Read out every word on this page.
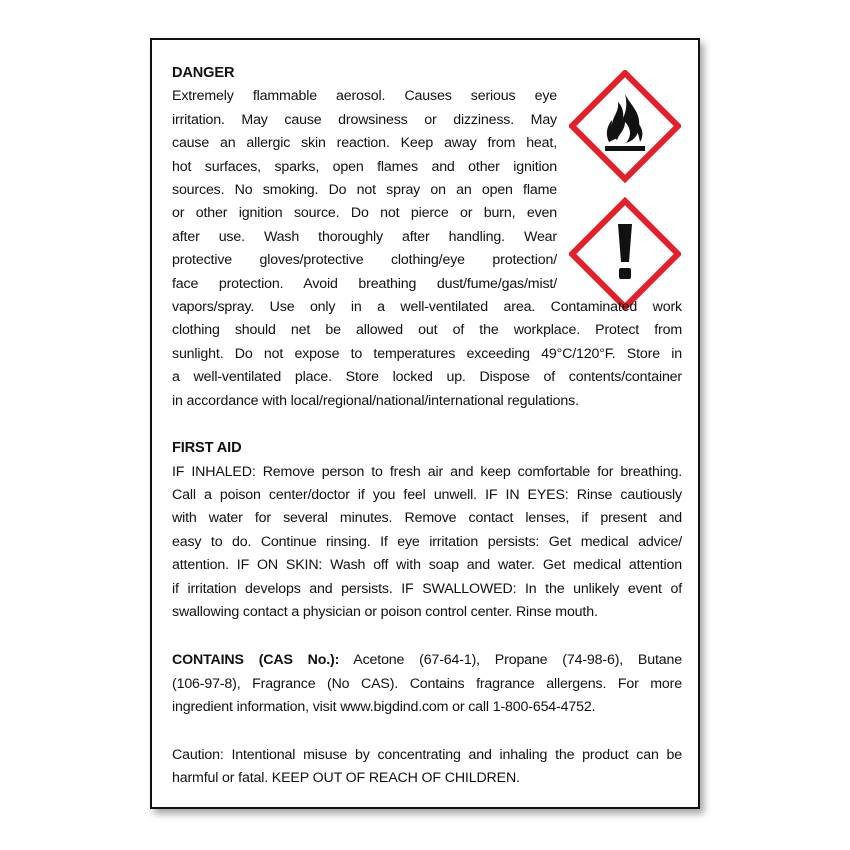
DANGER
Extremely flammable aerosol. Causes serious eye
irritation. May cause drowsiness or dizziness. May
cause an allergic skin reaction. Keep away from heat,
hot surfaces, sparks, open flames and other ignition
sources. No smoking. Do not spray on an open flame
or other ignition source. Do not pierce or burn, even
after use. Wash thoroughly after handling. Wear
protective gloves/protective clothing/eye protection/
face protection. Avoid breathing dust/fume/gas/mist/
vapors/spray. Use only in a well-ventilated area. Contaminated work
clothing should net be allowed out of the workplace. Protect from
sunlight. Do not expose to temperatures exceeding 49°C/120°F. Store in
a well-ventilated place. Store locked up. Dispose of contents/container
in accordance with local/regional/national/international regulations.
FIRST AID
IF INHALED: Remove person to fresh air and keep comfortable for breathing.
Call a poison center/doctor if you feel unwell. IF IN EYES: Rinse cautiously
with water for several minutes. Remove contact lenses, if present and
easy to do. Continue rinsing. If eye irritation persists: Get medical advice/
attention. IF ON SKIN: Wash off with soap and water. Get medical attention
if irritation develops and persists. IF SWALLOWED: In the unlikely event of
swallowing contact a physician or poison control center. Rinse mouth.
CONTAINS (CAS No.): Acetone (67-64-1), Propane (74-98-6), Butane
(106-97-8), Fragrance (No CAS). Contains fragrance allergens. For more
ingredient information, visit www.bigdind.com or call 1-800-654-4752.
Caution: Intentional misuse by concentrating and inhaling the product can be
harmful or fatal. KEEP OUT OF REACH OF CHILDREN.
